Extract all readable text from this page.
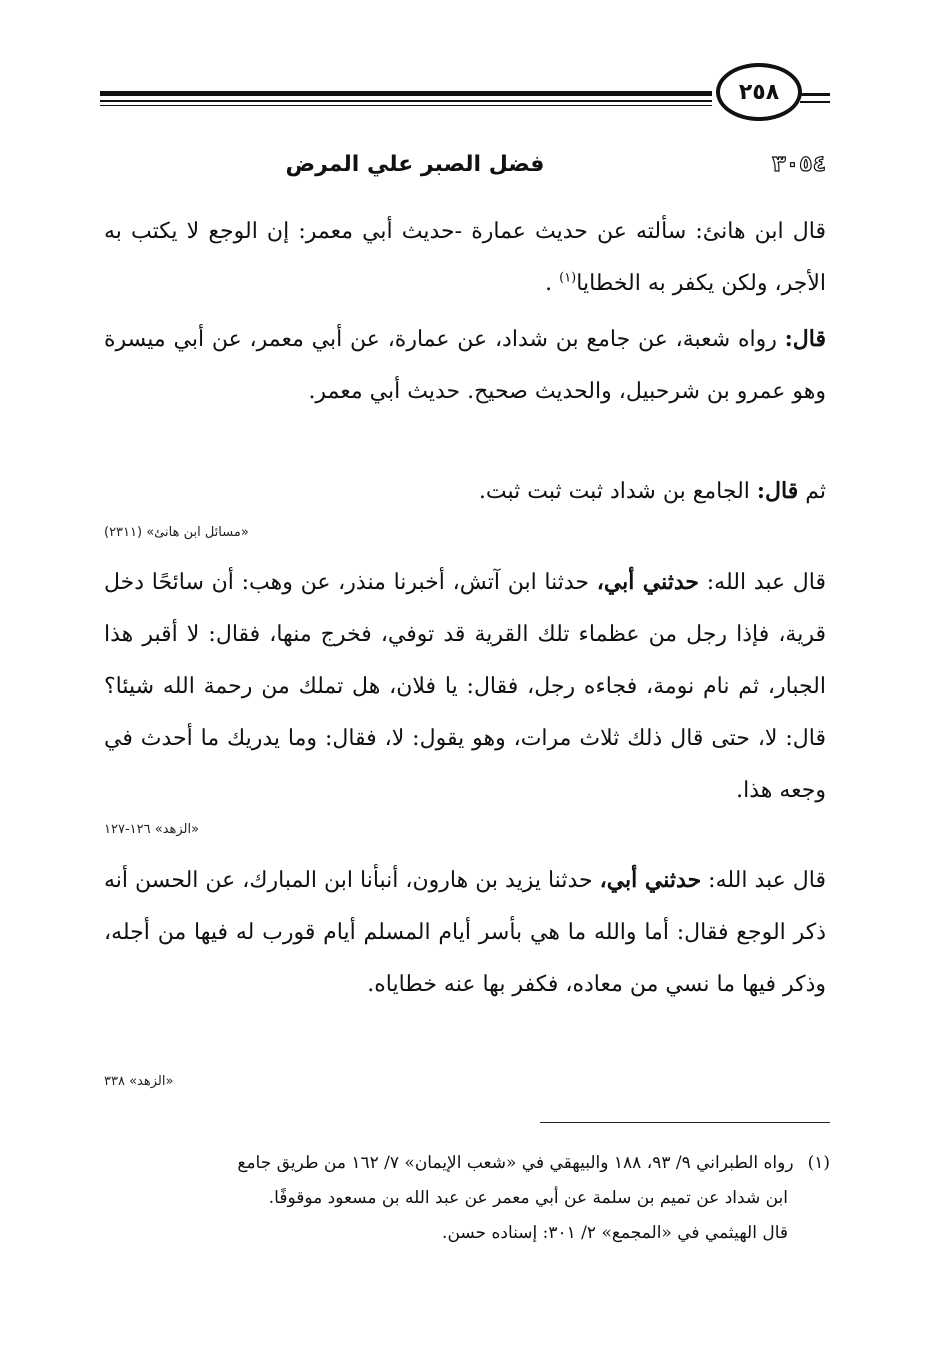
٢٥٨
٣٠٥٤
فضل الصبر علي المرض

قال ابن هانئ: سألته عن حديث عمارة -حديث أبي معمر: إن الوجع لا يكتب به الأجر، ولكن يكفر به الخطايا$^{(١)}$ .

قال: رواه شعبة، عن جامع بن شداد، عن عمارة، عن أبي معمر، عن أبي ميسرة وهو عمرو بن شرحبيل، والحديث صحيح. حديث أبي معمر.

ثم قال: الجامع بن شداد ثبت ثبت ثبت.

«مسائل ابن هانئ» (٢٣١١)

قال عبد الله: حدثني أبي، حدثنا ابن آتش، أخبرنا منذر، عن وهب: أن سائحًا دخل قرية، فإذا رجل من عظماء تلك القرية قد توفي، فخرج منها، فقال: لا أقبر هذا الجبار، ثم نام نومة، فجاءه رجل، فقال: يا فلان، هل تملك من رحمة الله شيئا؟ قال: لا، حتى قال ذلك ثلاث مرات، وهو يقول: لا، فقال: وما يدريك ما أحدث في وجعه هذا.

«الزهد» ١٢٦-١٢٧

قال عبد الله: حدثني أبي، حدثنا يزيد بن هارون، أنبأنا ابن المبارك، عن الحسن أنه ذكر الوجع فقال: أما والله ما هي بأسر أيام المسلم أيام قورب له فيها من أجله، وذكر فيها ما نسي من معاده، فكفر بها عنه خطاياه.

«الزهد» ٣٣٨
(١)رواه الطبراني ٩/ ٩٣، ١٨٨ والبيهقي في «شعب الإيمان» ٧/ ١٦٢ من طريق جامع
ابن شداد عن تميم بن سلمة عن أبي معمر عن عبد الله بن مسعود موقوفًا.
قال الهيثمي في «المجمع» ٢/ ٣٠١: إسناده حسن.
